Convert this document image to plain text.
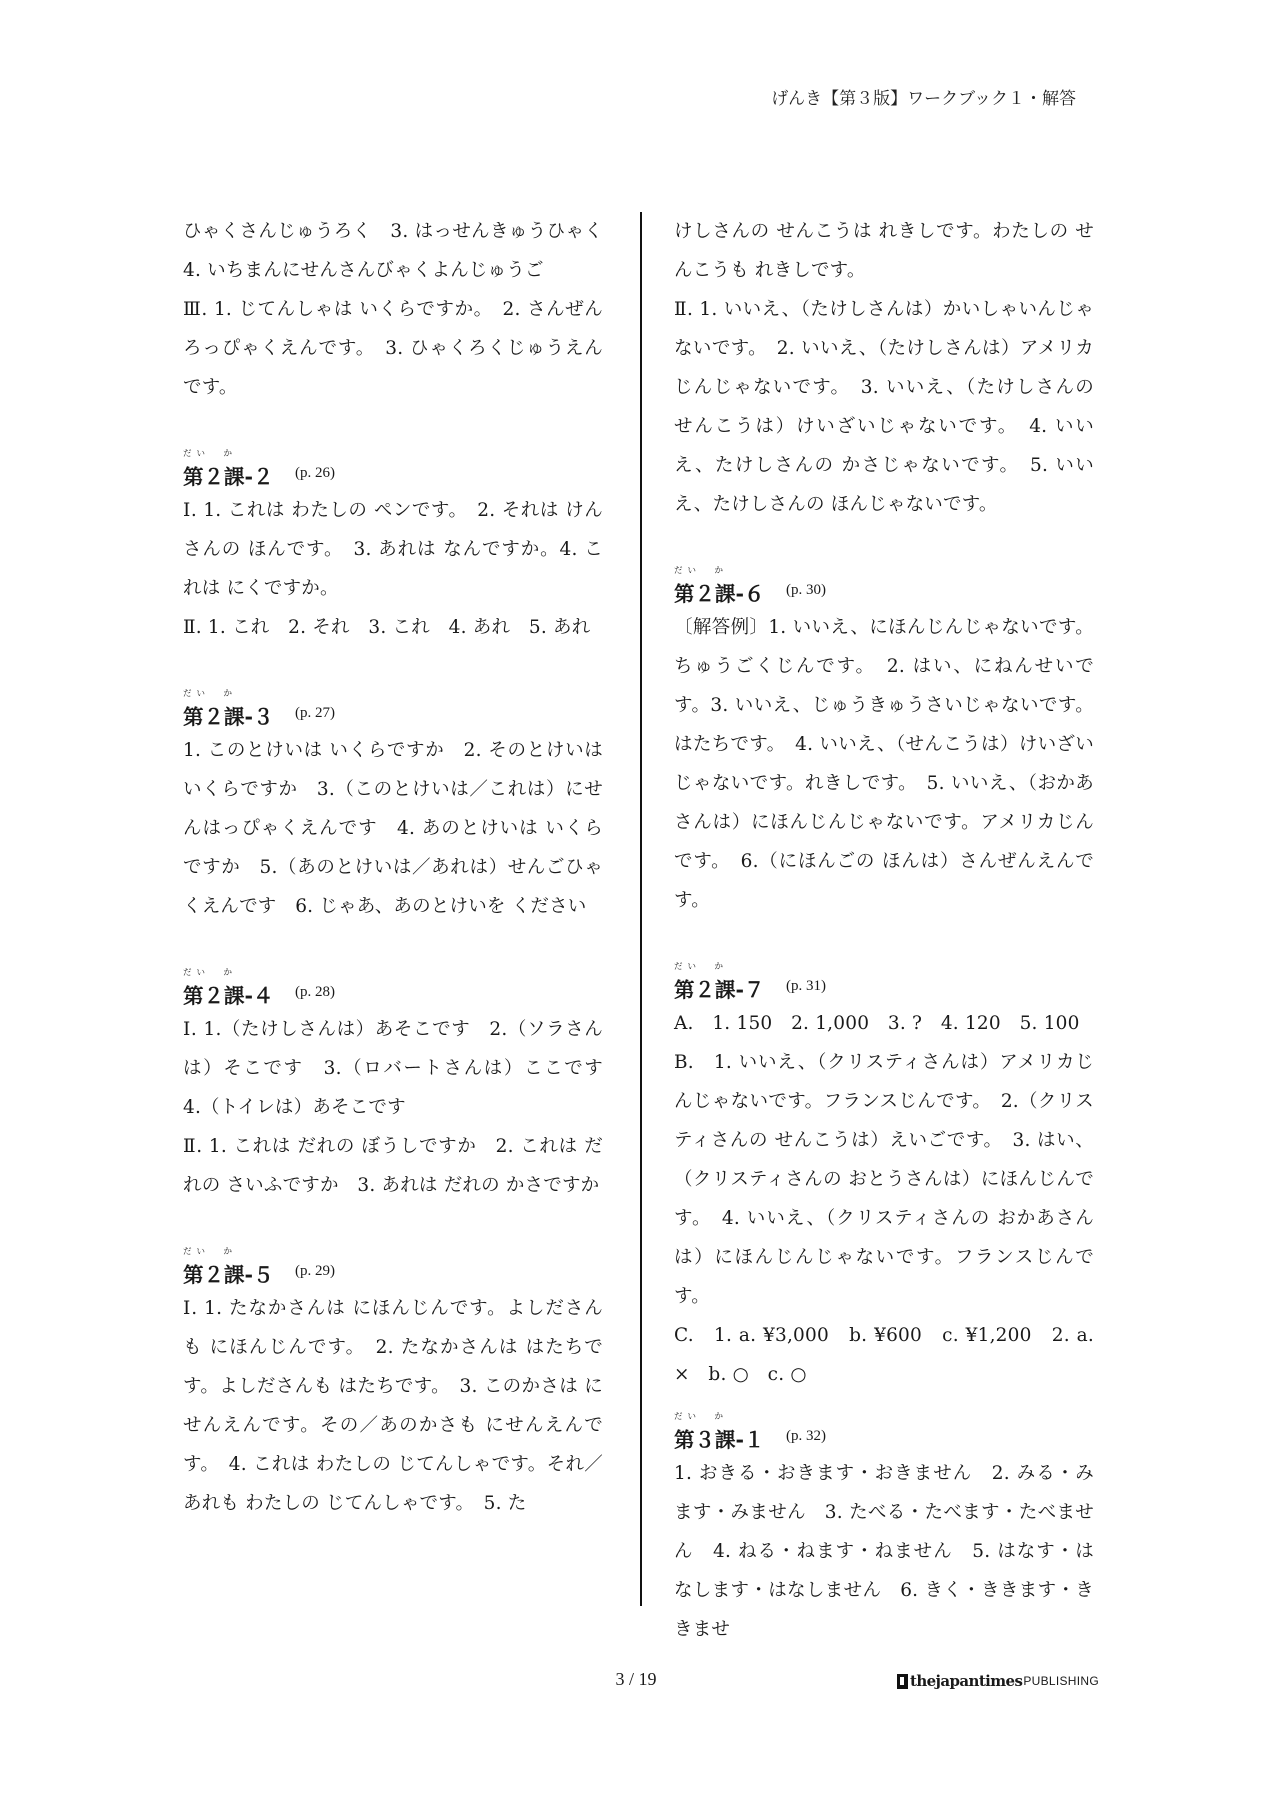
げんき【第３版】ワークブック１・解答

ひゃくさんじゅうろく　3. はっせんきゅうひゃく　4. いちまんにせんさんびゃくよんじゅうご

Ⅲ. 1. じてんしゃは いくらですか。　2. さんぜんろっぴゃくえんです。　3. ひゃくろくじゅうえんです。

だい　か
第２課-２ (p. 26)

Ⅰ. 1. これは わたしの ペンです。　2. それは けんさんの ほんです。　3. あれは なんですか。4. これは にくですか。

Ⅱ. 1. これ　2. それ　3. これ　4. あれ　5. あれ

だい　か
第２課-３ (p. 27)

1. このとけいは いくらですか　2. そのとけいは いくらですか　3.（このとけいは／これは）にせんはっぴゃくえんです　4. あのとけいは いくらですか　5.（あのとけいは／あれは）せんごひゃくえんです　6. じゃあ、あのとけいを ください

だい　か
第２課-４ (p. 28)

Ⅰ. 1.（たけしさんは）あそこです　2.（ソラさんは）そこです　3.（ロバートさんは）ここです　4.（トイレは）あそこです

Ⅱ. 1. これは だれの ぼうしですか　2. これは だれの さいふですか　3. あれは だれの かさですか

だい　か
第２課-５ (p. 29)

Ⅰ. 1. たなかさんは にほんじんです。よしださんも にほんじんです。　2. たなかさんは はたちです。よしださんも はたちです。　3. このかさは にせんえんです。その／あのかさも にせんえんです。　4. これは わたしの じてんしゃです。それ／あれも わたしの じてんしゃです。　5. た

けしさんの せんこうは れきしです。わたしの せんこうも れきしです。

Ⅱ. 1. いいえ、（たけしさんは）かいしゃいんじゃないです。　2. いいえ、（たけしさんは）アメリカじんじゃないです。　3. いいえ、（たけしさんの せんこうは）けいざいじゃないです。　4. いいえ、たけしさんの かさじゃないです。　5. いいえ、たけしさんの ほんじゃないです。

だい　か
第２課-６ (p. 30)

〔解答例〕1. いいえ、にほんじんじゃないです。ちゅうごくじんです。　2. はい、にねんせいです。3. いいえ、じゅうきゅうさいじゃないです。はたちです。　4. いいえ、（せんこうは）けいざいじゃないです。れきしです。　5. いいえ、（おかあさんは）にほんじんじゃないです。アメリカじんです。　6.（にほんごの ほんは）さんぜんえんです。

だい　か
第２課-７ (p. 31)

A.　1. 150　2. 1,000　3. ?　4. 120　5. 100

B.　1. いいえ、（クリスティさんは）アメリカじんじゃないです。フランスじんです。　2.（クリスティさんの せんこうは）えいごです。　3. はい、（クリスティさんの おとうさんは）にほんじんです。　4. いいえ、（クリスティさんの おかあさんは）にほんじんじゃないです。フランスじんです。

C.　1. a. ¥3,000　b. ¥600　c. ¥1,200　2. a. ×　b. ○　c. ○

だい　か
第３課-１ (p. 32)

1. おきる・おきます・おきません　2. みる・みます・みません　3. たべる・たべます・たべません　4. ねる・ねます・ねません　5. はなす・はなします・はなしません　6. きく・ききます・ききませ

3 / 19	thejapantimes PUBLISHING
